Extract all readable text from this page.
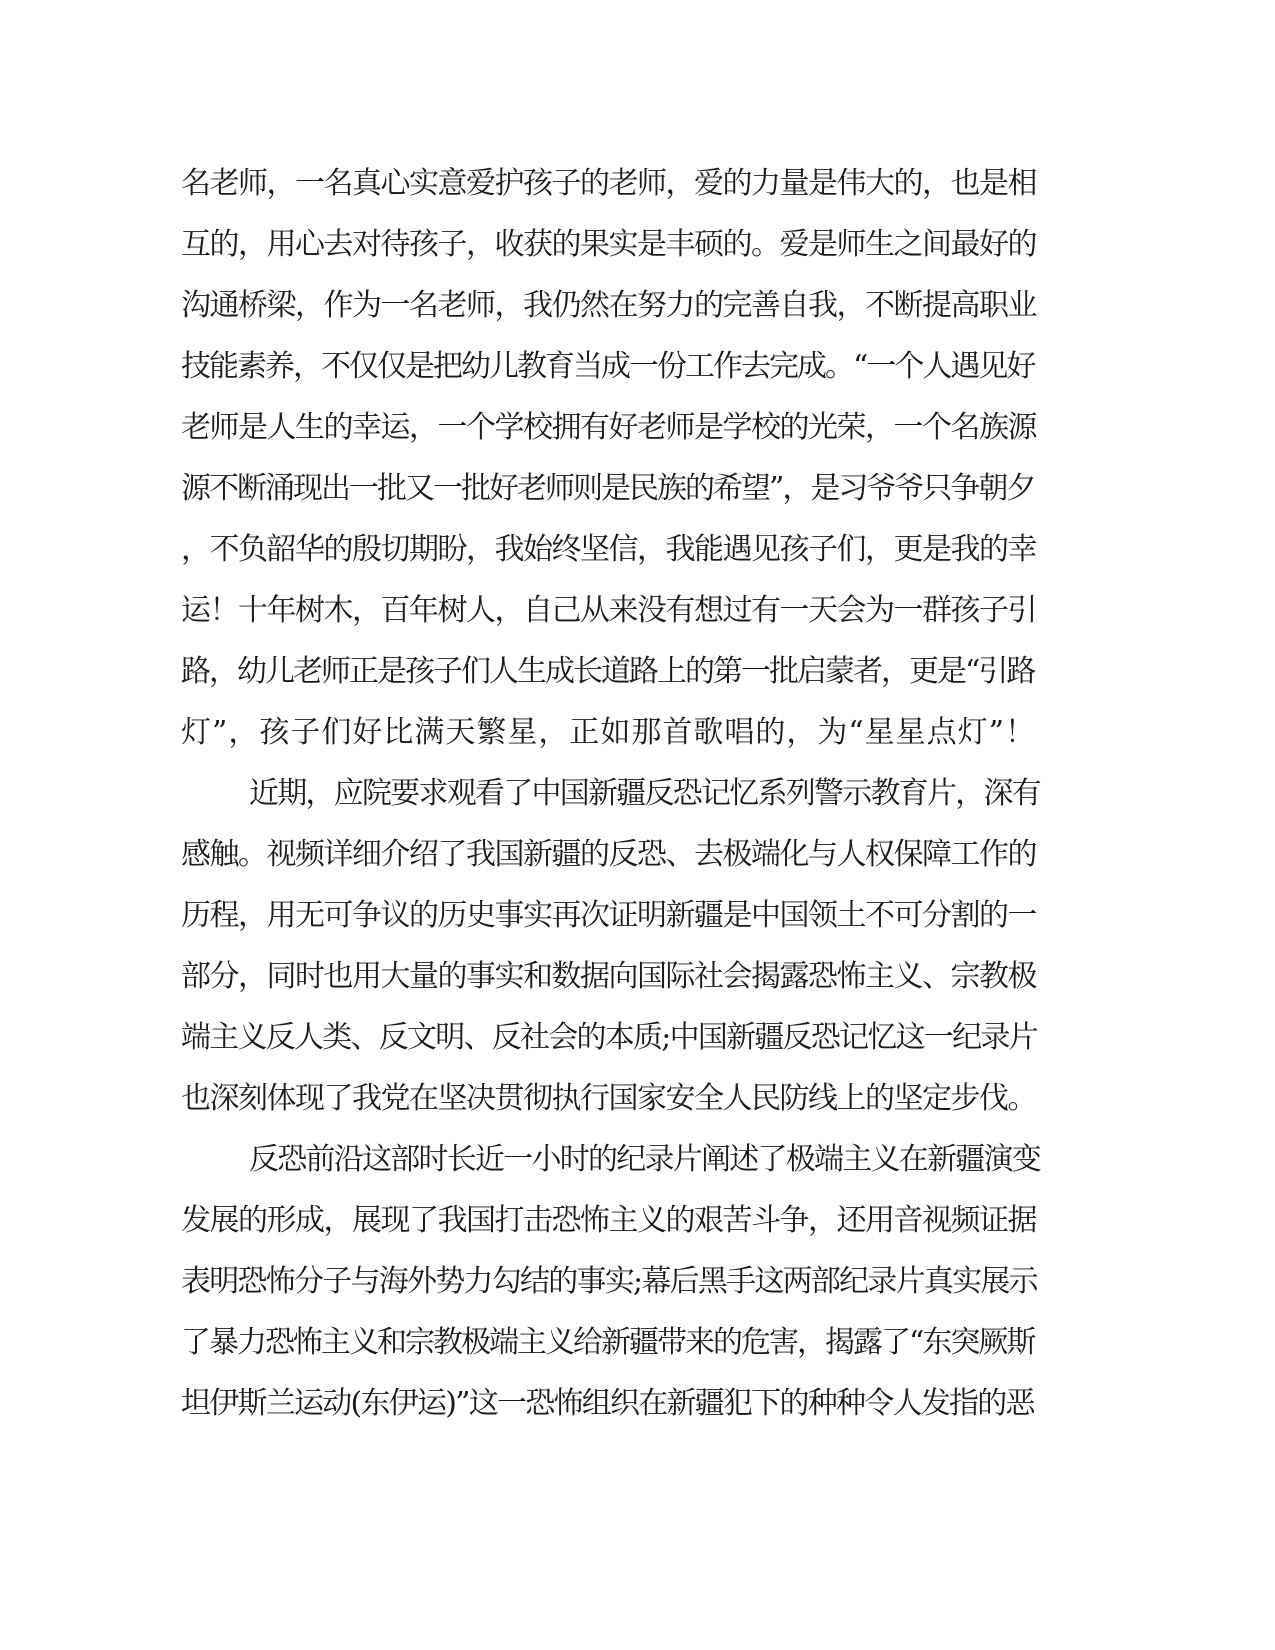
名老师，一名真心实意爱护孩子的老师，爱的力量是伟大的，也是相
互的，用心去对待孩子，收获的果实是丰硕的。爱是师生之间最好的
沟通桥梁，作为一名老师，我仍然在努力的完善自我，不断提高职业
技能素养，不仅仅是把幼儿教育当成一份工作去完成。“一个人遇见好
老师是人生的幸运，一个学校拥有好老师是学校的光荣，一个名族源
源不断涌现出一批又一批好老师则是民族的希望”，是习爷爷只争朝夕
，不负韶华的殷切期盼，我始终坚信，我能遇见孩子们，更是我的幸
运！十年树木，百年树人，自己从来没有想过有一天会为一群孩子引
路，幼儿老师正是孩子们人生成长道路上的第一批启蒙者，更是“引路
灯”，孩子们好比满天繁星，正如那首歌唱的，为“星星点灯”！
近期，应院要求观看了中国新疆反恐记忆系列警示教育片，深有
感触。视频详细介绍了我国新疆的反恐、去极端化与人权保障工作的
历程，用无可争议的历史事实再次证明新疆是中国领土不可分割的一
部分，同时也用大量的事实和数据向国际社会揭露恐怖主义、宗教极
端主义反人类、反文明、反社会的本质;中国新疆反恐记忆这一纪录片
也深刻体现了我党在坚决贯彻执行国家安全人民防线上的坚定步伐。
反恐前沿这部时长近一小时的纪录片阐述了极端主义在新疆演变
发展的形成，展现了我国打击恐怖主义的艰苦斗争，还用音视频证据
表明恐怖分子与海外势力勾结的事实;幕后黑手这两部纪录片真实展示
了暴力恐怖主义和宗教极端主义给新疆带来的危害，揭露了“东突厥斯
坦伊斯兰运动(东伊运)”这一恐怖组织在新疆犯下的种种令人发指的恶
